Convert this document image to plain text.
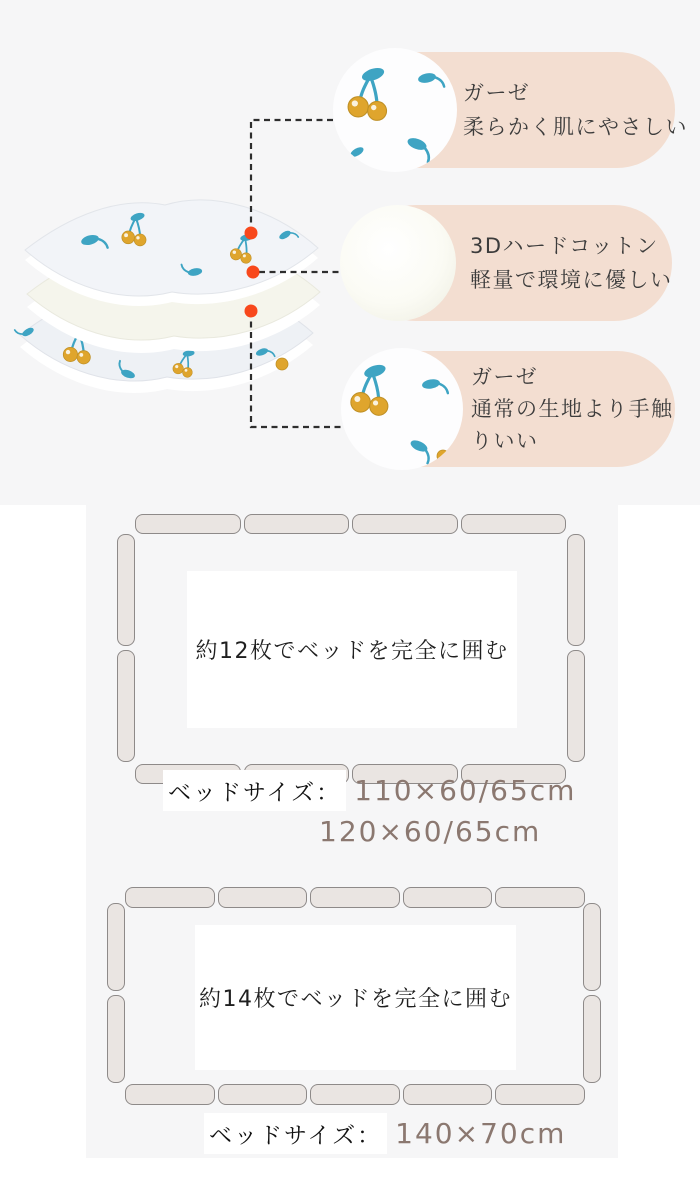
ガーゼ
柔らかく肌にやさしい
3Dハードコットン
軽量で環境に優しい
ガーゼ
通常の生地より手触
りいい
約12枚でベッドを完全に囲む
ベッドサイズ： 110×60/65cm
120×60/65cm
約14枚でベッドを完全に囲む
ベッドサイズ： 140×70cm
